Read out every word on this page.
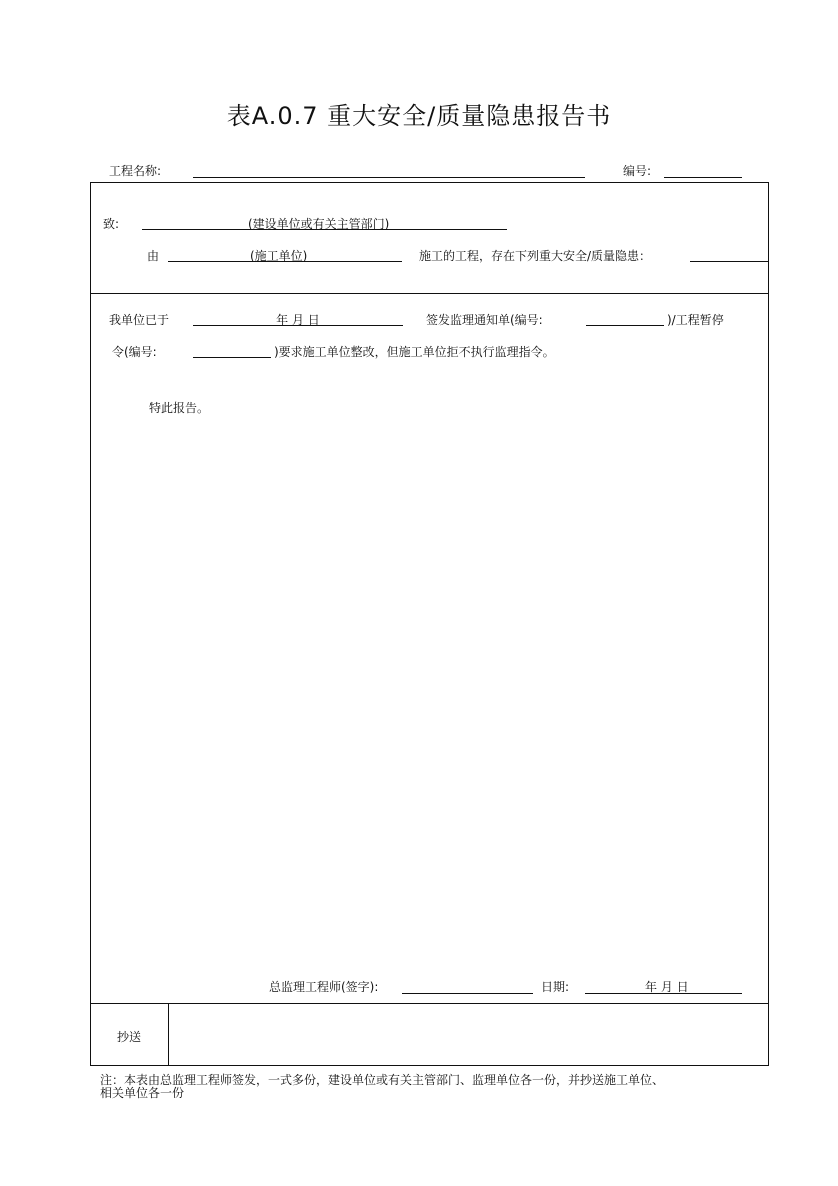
表A.0.7 重大安全/质量隐患报告书
工程名称:	编号:
致:	(建设单位或有关主管部门)
由	(施工单位)	施工的工程，存在下列重大安全/质量隐患：
我单位已于	年 月 日	签发监理通知单(编号:	)/工程暂停
令(编号:	)要求施工单位整改，但施工单位拒不执行监理指令。
特此报告。
总监理工程师(签字):	日期:	年 月 日
抄送
注：本表由总监理工程师签发，一式多份，建设单位或有关主管部门、监理单位各一份，并抄送施工单位、
相关单位各一份
